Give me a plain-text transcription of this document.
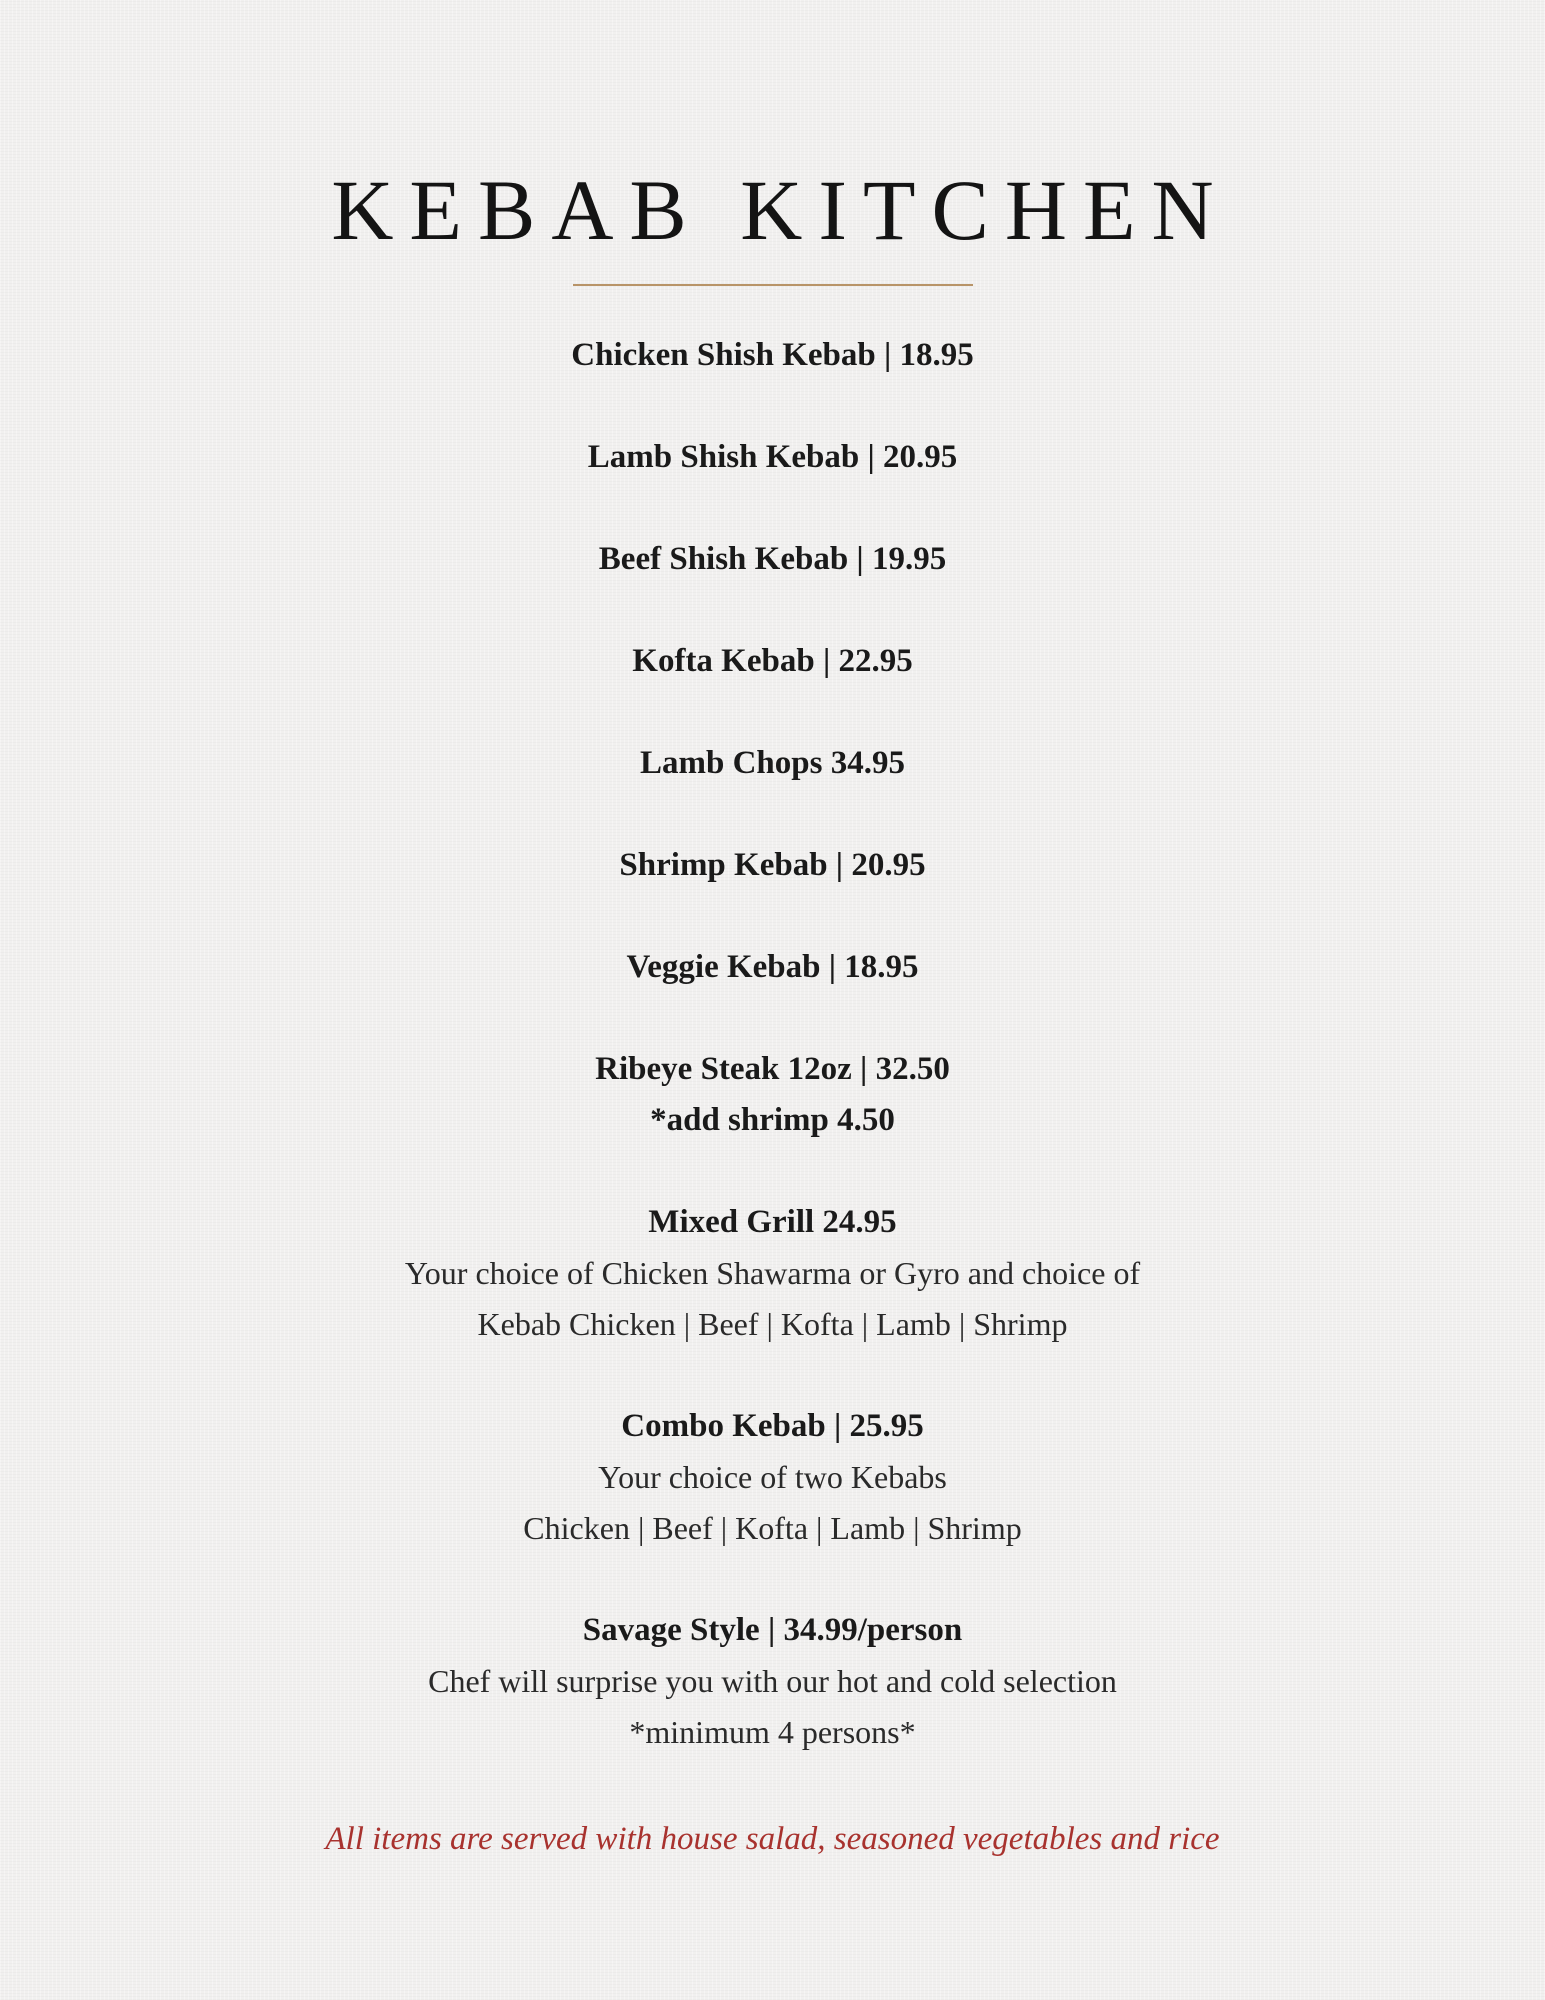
KEBAB KITCHEN
Chicken Shish Kebab | 18.95
Lamb Shish Kebab | 20.95
Beef Shish Kebab | 19.95
Kofta Kebab | 22.95
Lamb Chops 34.95
Shrimp Kebab | 20.95
Veggie Kebab | 18.95
Ribeye Steak 12oz | 32.50
*add shrimp 4.50
Mixed Grill 24.95
Your choice of Chicken Shawarma or Gyro and choice of
Kebab Chicken | Beef | Kofta | Lamb | Shrimp
Combo Kebab | 25.95
Your choice of two Kebabs
Chicken | Beef | Kofta | Lamb | Shrimp
Savage Style | 34.99/person
Chef will surprise you with our hot and cold selection
*minimum 4 persons*
All items are served with house salad, seasoned vegetables and rice
